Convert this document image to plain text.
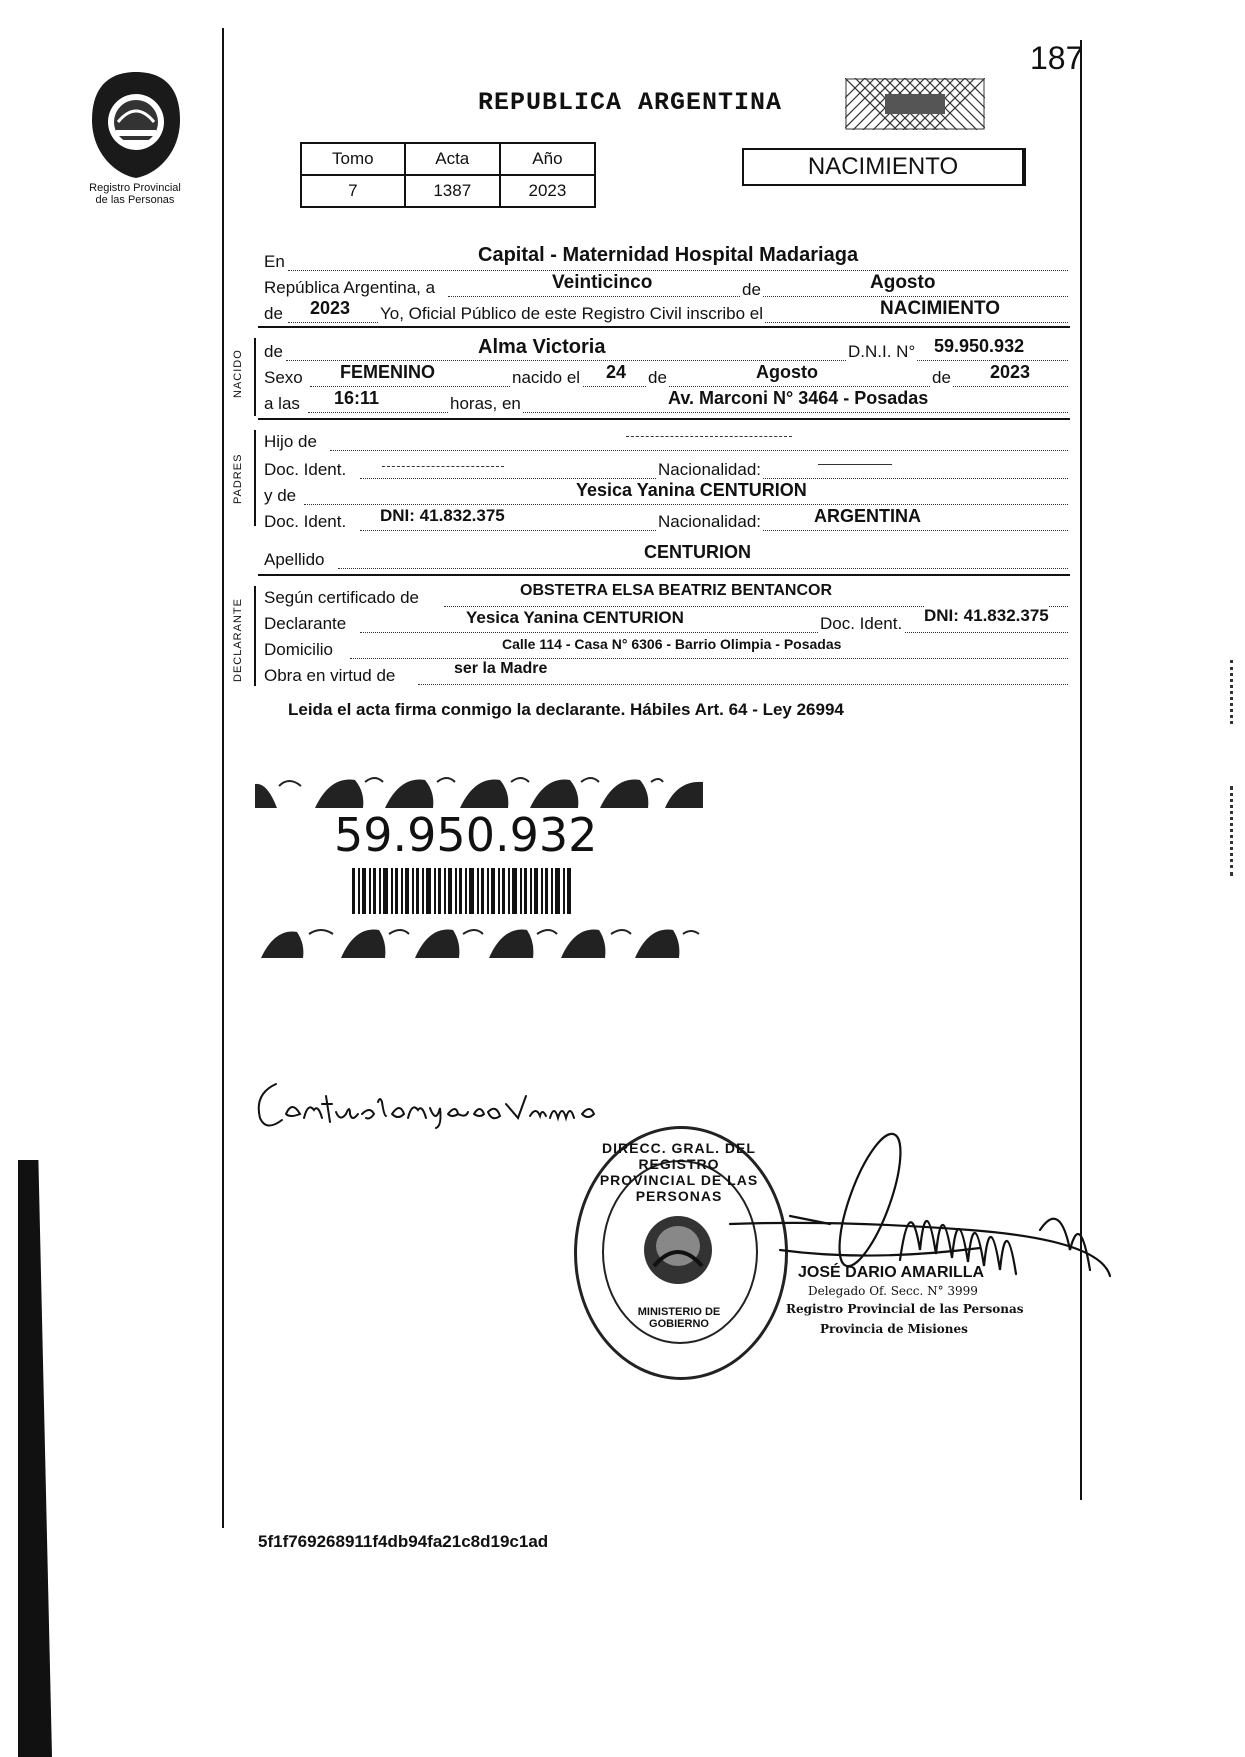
Registro Provincial
de las Personas
187
REPUBLICA ARGENTINA
Tomo	Acta	Año
7	1387	2023
NACIMIENTO
En	Capital - Maternidad Hospital Madariaga
República Argentina, a	Veinticinco	de	Agosto
de 2023 Yo, Oficial Público de este Registro Civil inscribo el	NACIMIENTO
NACIDO de	Alma Victoria	D.N.I. N° 59.950.932
Sexo FEMENINO	nacido el 24 de	Agosto	de 2023
a las 16:11	horas, en	Av. Marconi N° 3464 - Posadas
PADRES
Hijo de
Doc. Ident.	Nacionalidad:
y de	Yesica Yanina CENTURION
Doc. Ident. DNI: 41.832.375	Nacionalidad:	ARGENTINA
Apellido	CENTURION
DECLARANTE
Según certificado de	OBSTETRA ELSA BEATRIZ BENTANCOR
Declarante	Yesica Yanina CENTURION	Doc. Ident. DNI: 41.832.375
Domicilio	Calle 114 - Casa N° 6306 - Barrio Olimpia - Posadas
Obra en virtud de	ser la Madre
Leida el acta firma conmigo la declarante. Hábiles Art. 64 - Ley 26994
59.950.932
DIRECC. GRAL. DEL REGISTRO PROVINCIAL DE LAS PERSONAS
MINISTERIO DE GOBIERNO
JOSÉ DARIO AMARILLA
Delegado Of. Secc. N° 3999
Registro Provincial de las Personas
Provincia de Misiones
5f1f769268911f4db94fa21c8d19c1ad
